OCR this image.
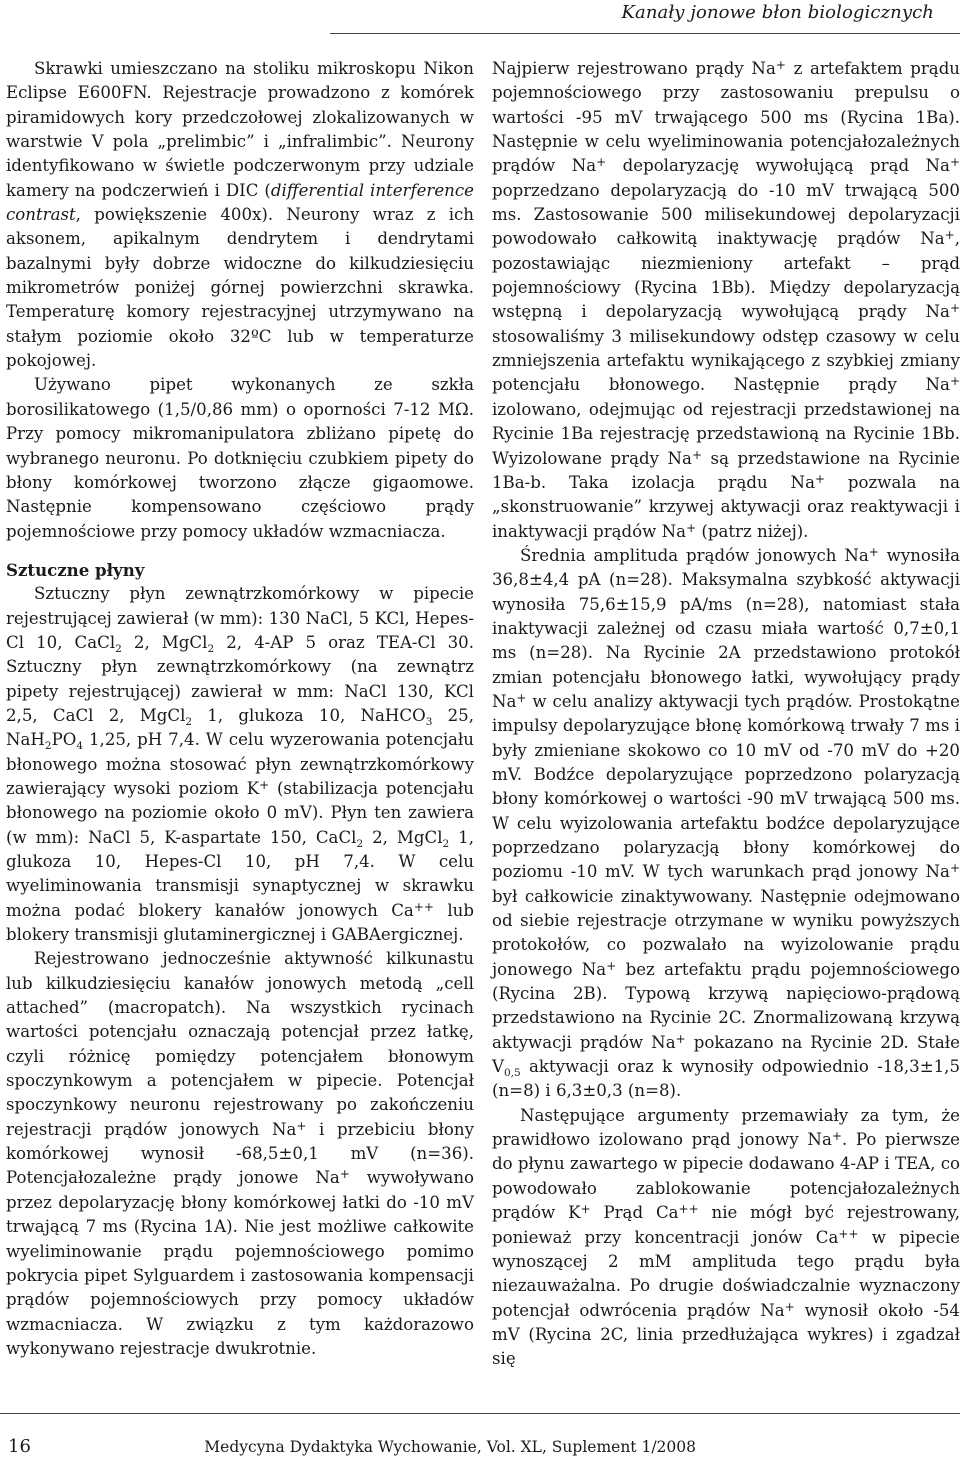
Kanały jonowe błon biologicznych

Skrawki umieszczano na stoliku mikroskopu Nikon Eclipse E600FN. Rejestracje prowadzono z komórek piramidowych kory przedczołowej zlokalizowanych w warstwie V pola „prelimbic” i „infralimbic”. Neurony identyfikowano w świetle podczerwonym przy udziale kamery na podczerwień i DIC (differential interference contrast, powiększenie 400x). Neurony wraz z ich aksonem, apikalnym dendrytem i dendrytami bazalnymi były dobrze widoczne do kilkudziesięciu mikrometrów poniżej górnej powierzchni skrawka. Temperaturę komory rejestracyjnej utrzymywano na stałym poziomie około 32ºC lub w temperaturze pokojowej.

Używano pipet wykonanych ze szkła borosilikatowego (1,5/0,86 mm) o oporności 7-12 MΩ. Przy pomocy mikromanipulatora zbliżano pipetę do wybranego neuronu. Po dotknięciu czubkiem pipety do błony komórkowej tworzono złącze gigaomowe. Następnie kompensowano częściowo prądy pojemnościowe przy pomocy układów wzmacniacza.

Sztuczne płyny

Sztuczny płyn zewnątrzkomórkowy w pipecie rejestrującej zawierał (w mm): 130 NaCl, 5 KCl, Hepes-Cl 10, CaCl$_2$ 2, MgCl$_2$ 2, 4-AP 5 oraz TEA-Cl 30. Sztuczny płyn zewnątrzkomórkowy (na zewnątrz pipety rejestrującej) zawierał w mm: NaCl 130, KCl 2,5, CaCl 2, MgCl$_2$ 1, glukoza 10, NaHCO$_3$ 25, $NaH_2PO_4$ 1,25, pH 7,4. W celu wyzerowania potencjału błonowego można stosować płyn zewnątrzkomórkowy zawierający wysoki poziom K+ (stabilizacja potencjału błonowego na poziomie około 0 mV). Płyn ten zawiera (w mm): NaCl 5, K-aspartate 150, CaCl$_2$ 2, MgCl$_2$ 1, glukoza 10, Hepes-Cl 10, pH 7,4. W celu wyeliminowania transmisji synaptycznej w skrawku można podać blokery kanałów jonowych Ca++ lub blokery transmisji glutaminergicznej i GABAergicznej.

Rejestrowano jednocześnie aktywność kilkunastu lub kilkudziesięciu kanałów jonowych metodą „cell attached” (macropatch). Na wszystkich rycinach wartości potencjału oznaczają potencjał przez łatkę, czyli różnicę pomiędzy potencjałem błonowym spoczynkowym a potencjałem w pipecie. Potencjał spoczynkowy neuronu rejestrowany po zakończeniu rejestracji prądów jonowych Na+ i przebiciu błony komórkowej wynosił -68,5±0,1 mV (n=36). Potencjałozależne prądy jonowe Na+ wywoływano przez depolaryzację błony komórkowej łatki do -10 mV trwającą 7 ms (Rycina 1A). Nie jest możliwe całkowite wyeliminowanie prądu pojemnościowego pomimo pokrycia pipet Sylguardem i zastosowania kompensacji prądów pojemnościowych przy pomocy układów wzmacniacza. W związku z tym każdorazowo wykonywano rejestracje dwukrotnie.

Najpierw rejestrowano prądy Na+ z artefaktem prądu pojemnościowego przy zastosowaniu prepulsu o wartości -95 mV trwającego 500 ms (Rycina 1Ba). Następnie w celu wyeliminowania potencjałozależnych prądów Na+ depolaryzację wywołującą prąd Na+ poprzedzano depolaryzacją do -10 mV trwającą 500 ms. Zastosowanie 500 milisekundowej depolaryzacji powodowało całkowitą inaktywację prądów Na+, pozostawiając niezmieniony artefakt – prąd pojemnościowy (Rycina 1Bb). Między depolaryzacją wstępną i depolaryzacją wywołującą prądy Na+ stosowaliśmy 3 milisekundowy odstęp czasowy w celu zmniejszenia artefaktu wynikającego z szybkiej zmiany potencjału błonowego. Następnie prądy Na+ izolowano, odejmując od rejestracji przedstawionej na Rycinie 1Ba rejestrację przedstawioną na Rycinie 1Bb. Wyizolowane prądy Na+ są przedstawione na Rycinie 1Ba-b. Taka izolacja prądu Na+ pozwala na „skonstruowanie” krzywej aktywacji oraz reaktywacji i inaktywacji prądów Na+ (patrz niżej).

Średnia amplituda prądów jonowych Na+ wynosiła 36,8±4,4 pA (n=28). Maksymalna szybkość aktywacji wynosiła 75,6±15,9 pA/ms (n=28), natomiast stała inaktywacji zależnej od czasu miała wartość 0,7±0,1 ms (n=28). Na Rycinie 2A przedstawiono protokół zmian potencjału błonowego łatki, wywołujący prądy Na+ w celu analizy aktywacji tych prądów. Prostokątne impulsy depolaryzujące błonę komórkową trwały 7 ms i były zmieniane skokowo co 10 mV od -70 mV do +20 mV. Bodźce depolaryzujące poprzedzono polaryzacją błony komórkowej o wartości -90 mV trwającą 500 ms. W celu wyizolowania artefaktu bodźce depolaryzujące poprzedzano polaryzacją błony komórkowej do poziomu -10 mV. W tych warunkach prąd jonowy Na+ był całkowicie zinaktywowany. Następnie odejmowano od siebie rejestracje otrzymane w wyniku powyższych protokołów, co pozwalało na wyizolowanie prądu jonowego Na+ bez artefaktu prądu pojemnościowego (Rycina 2B). Typową krzywą napięciowo-prądową przedstawiono na Rycinie 2C. Znormalizowaną krzywą aktywacji prądów Na+ pokazano na Rycinie 2D. Stałe $V_{0,5}$ aktywacji oraz k wynosiły odpowiednio -18,3±1,5 (n=8) i 6,3±0,3 (n=8).

Następujące argumenty przemawiały za tym, że prawidłowo izolowano prąd jonowy Na+. Po pierwsze do płynu zawartego w pipecie dodawano 4-AP i TEA, co powodowało zablokowanie potencjałozależnych prądów K+ Prąd Ca++ nie mógł być rejestrowany, ponieważ przy koncentracji jonów Ca++ w pipecie wynoszącej 2 mM amplituda tego prądu była niezauważalna. Po drugie doświadczalnie wyznaczony potencjał odwrócenia prądów Na+ wynosił około -54 mV (Rycina 2C, linia przedłużająca wykres) i zgadzał się

16	Medycyna Dydaktyka Wychowanie, Vol. XL, Suplement 1/2008
